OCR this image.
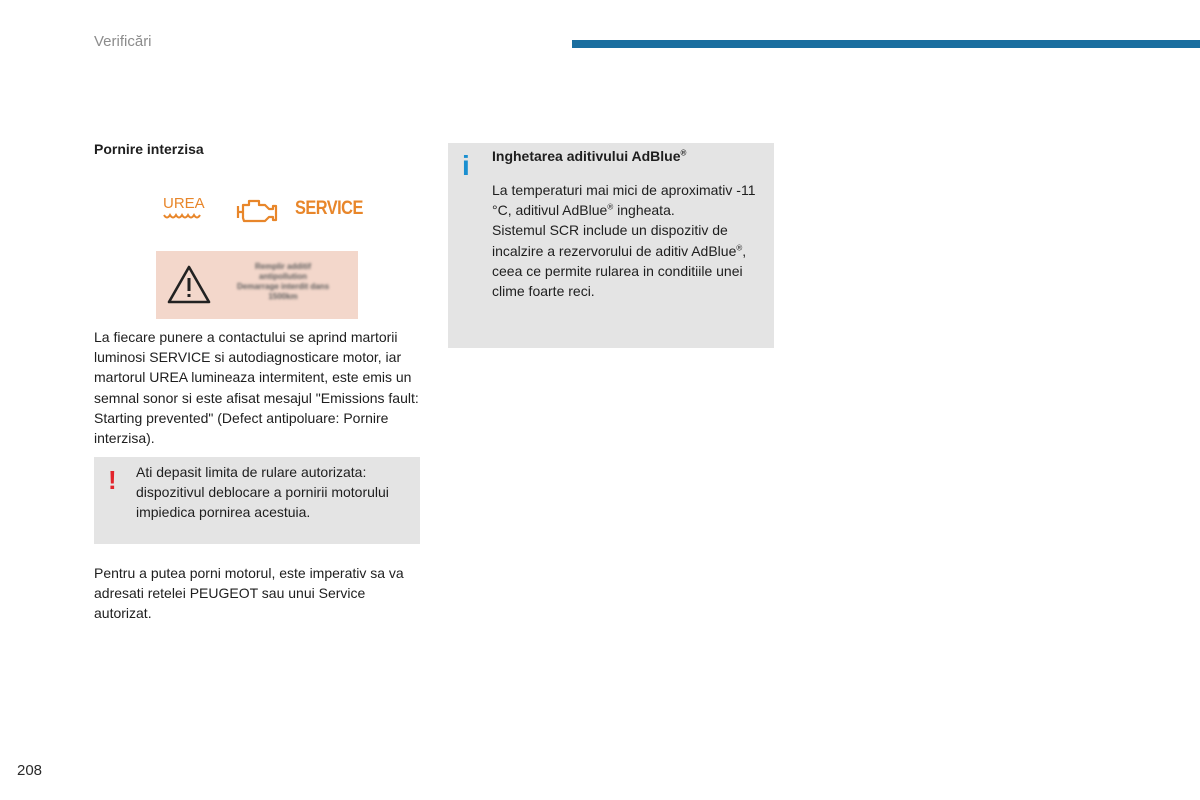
Verificări
Pornire interzisa
UREA	SERVICE
Remplir additif
antipollution
Demarrage interdit dans
1500km
La fiecare punere a contactului se aprind martorii luminosi SERVICE si autodiagnosticare motor, iar martorul UREA lumineaza intermitent, este emis un semnal sonor si este afisat mesajul "Emissions fault: Starting prevented" (Defect antipoluare: Pornire interzisa).
! Ati depasit limita de rulare autorizata: dispozitivul deblocare a pornirii motorului impiedica pornirea acestuia.
Pentru a putea porni motorul, este imperativ sa va adresati retelei PEUGEOT sau unui Service autorizat.
i Inghetarea aditivului AdBlue®
La temperaturi mai mici de aproximativ -11 °C, aditivul AdBlue® ingheata.
Sistemul SCR include un dispozitiv de incalzire a rezervorului de aditiv AdBlue®, ceea ce permite rularea in conditiile unei clime foarte reci.
208
